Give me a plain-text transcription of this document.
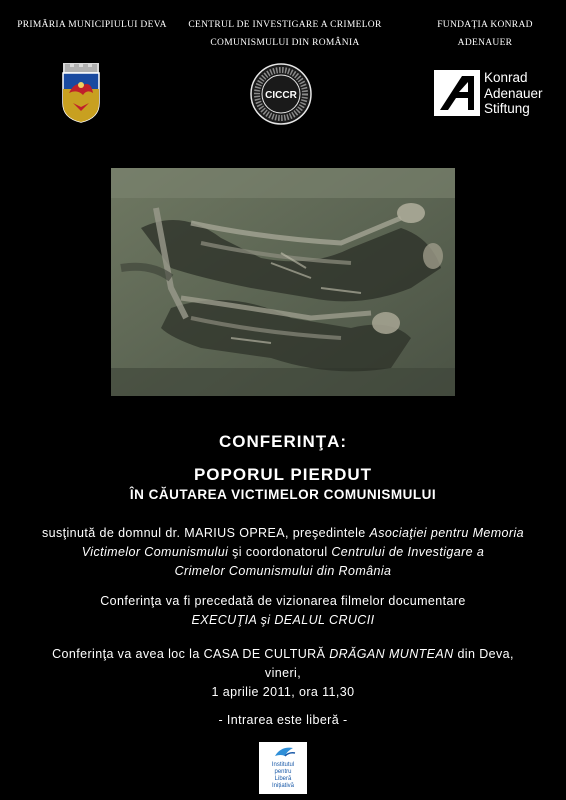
PRIMĂRIA MUNICIPIULUI DEVA	CENTRUL DE INVESTIGARE A CRIMELOR
COMUNISMULUI DIN ROMÂNIA
FUNDAȚIA KONRAD
ADENAUER
CICCR
Konrad
Adenauer
Stiftung
CONFERINŢA:
POPORUL PIERDUT
ÎN CĂUTAREA VICTIMELOR COMUNISMULUI
susţinută de domnul dr. MARIUS OPREA, preşedintele Asociaţiei pentru Memoria
Victimelor Comunismului şi coordonatorul Centrului de Investigare a
Crimelor Comunismului din România
Conferinţa va fi precedată de vizionarea filmelor documentare
EXECUŢIA şi DEALUL CRUCII
Conferinţa va avea loc la CASA DE CULTURĂ DRĂGAN MUNTEAN din Deva,
vineri,
1 aprilie 2011, ora 11,30
- Intrarea este liberă -
Institutul
pentru
Liberă
Inițiativă
